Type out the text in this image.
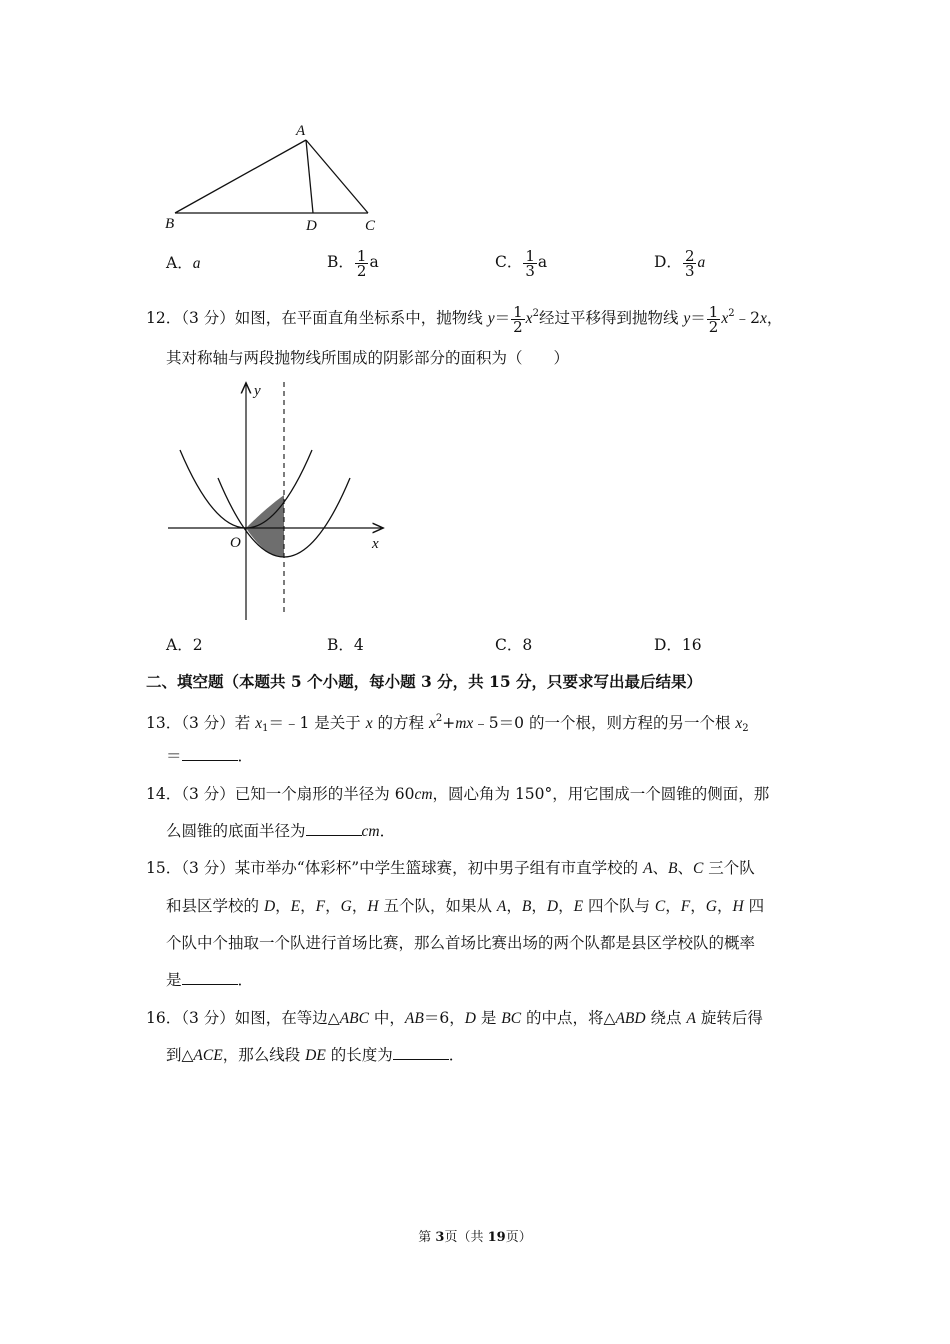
A
B	D	C
A．a	B． $\frac{1}{2}$ a	C． $\frac{1}{3}$ a	D． $\frac{2}{3}$ a
12．（3 分）如图，在平面直角坐标系中，抛物线 $y= \frac{1}{2} x^2$经过平移得到抛物线 $y= \frac{1}{2}$ $x^2﹣2x$，
其对称轴与两段抛物线所围成的阴影部分的面积为（　　）
y
x
O
A．2	B．4	C．8	D．16
二、填空题（本题共 5 个小题，每小题 3 分，共 15 分，只要求写出最后结果）
13．（3 分）若 $x_1=﹣1$ 是关于 x 的方程 $x^2+mx﹣5=0$ 的一个根，则方程的另一个根 $x_2$
＝	．
14．（3 分）已知一个扇形的半径为 60cm，圆心角为 150°，用它围成一个圆锥的侧面，那
么圆锥的底面半径为	cm．
15．（3 分）某市举办“体彩杯”中学生篮球赛，初中男子组有市直学校的 A、B、C 三个队
和县区学校的 D，E，F，G，H 五个队，如果从 A，B，D，E 四个队与 C，F，G，H 四
个队中个抽取一个队进行首场比赛，那么首场比赛出场的两个队都是县区学校队的概率
是	．
16．（3 分）如图，在等边△ABC 中，AB＝6，D 是 BC 的中点，将△ABD 绕点 A 旋转后得
到△ACE，那么线段 DE 的长度为	．
第 3页（共 19页）
